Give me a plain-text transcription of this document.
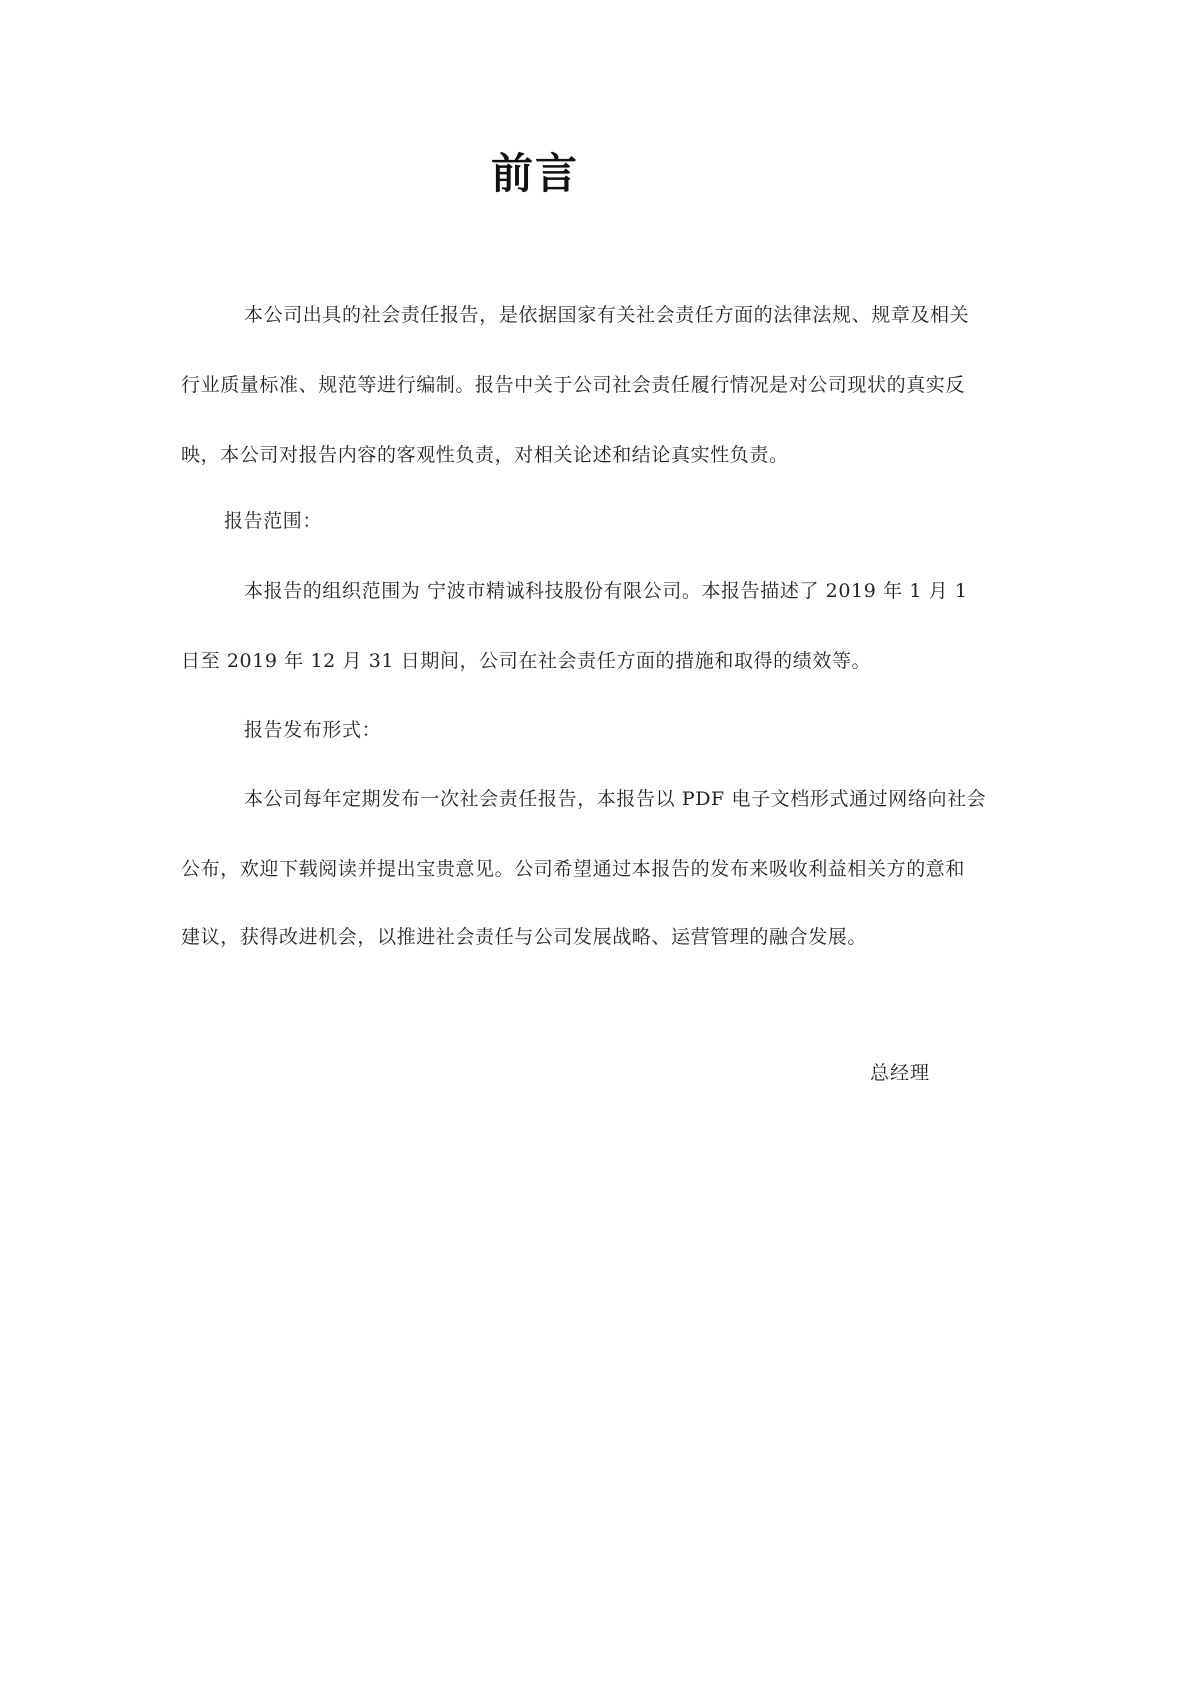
前言
本公司出具的社会责任报告，是依据国家有关社会责任方面的法律法规、规章及相关
行业质量标准、规范等进行编制。报告中关于公司社会责任履行情况是对公司现状的真实反
映，本公司对报告内容的客观性负责，对相关论述和结论真实性负责。
报告范围：
本报告的组织范围为 宁波市精诚科技股份有限公司。本报告描述了 2019 年 1 月 1
日至 2019 年 12 月 31 日期间，公司在社会责任方面的措施和取得的绩效等。
报告发布形式：
本公司每年定期发布一次社会责任报告，本报告以 PDF 电子文档形式通过网络向社会
公布，欢迎下载阅读并提出宝贵意见。公司希望通过本报告的发布来吸收利益相关方的意和
建议，获得改进机会，以推进社会责任与公司发展战略、运营管理的融合发展。
总经理
